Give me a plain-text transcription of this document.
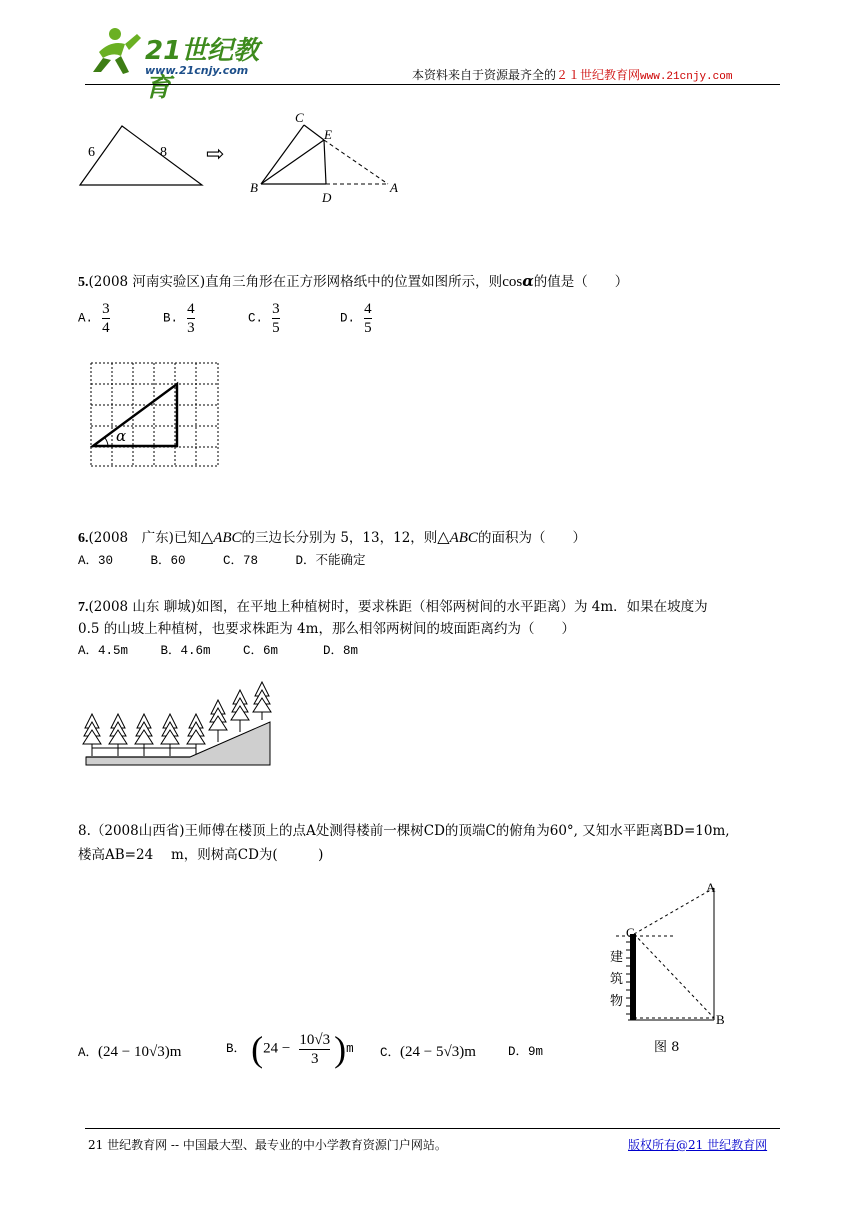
21世纪教育
www.21cnjy.com	本资料来自于资源最齐全的２１世纪教育网www.21cnjy.com
6	8 ⇨
C
E
B
D
A
5.(2008 河南实验区)直角三角形在正方形网格纸中的位置如图所示，则cosα的值是（　　）
A. $\frac{3}{4}$	B. $\frac{4}{3}$	C. $\frac{3}{5}$	D. $\frac{4}{5}$
α
6.(2008　广东)已知△ABC的三边长分别为 5，13，12，则△ABC的面积为（　　）
A．30　　　B．60　　　C．78　　　D．不能确定
7.(2008 山东 聊城)如图，在平地上种植树时，要求株距（相邻两树间的水平距离）为 4m．如果在坡度为
0.5 的山坡上种植树，也要求株距为 4m，那么相邻两树间的坡面距离约为（　　）
A．4.5m　　 B．4.6m　　 C．6m　　　 D．8m
8.（2008山西省)王师傅在楼顶上的点A处测得楼前一棵树CD的顶端C的俯角为60°, 又知水平距离BD=10m,
楼高AB=24　 m，则树高CD为(　　　)
A
C
B
建
筑
物
图 8
A．(24 − 10√3)m	B． $(24 - \frac{10√3}{3} )m$ C．(24 − 5√3)m	D．9m
21 世纪教育网 -- 中国最大型、最专业的中小学教育资源门户网站。	版权所有@21 世纪教育网
